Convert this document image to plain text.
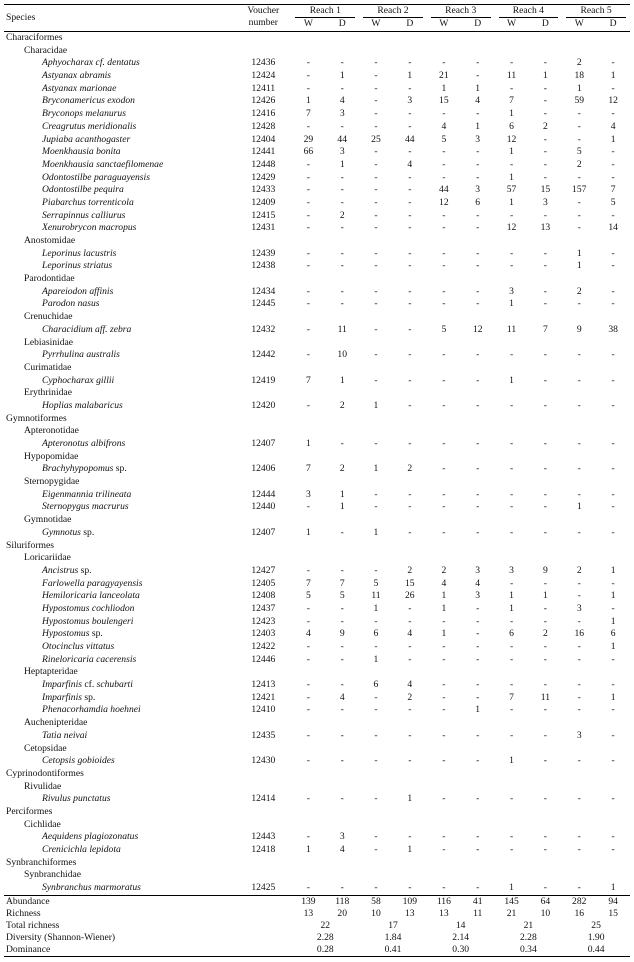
Species	Voucher
number	Reach 1		Reach 2		Reach 3		Reach 4		Reach 5	

		W	D	W	D	W	D	W	D	W	D

Characiformes											
Characidae											
Aphyocharax cf. dentatus	12436	-	-	-	-	-	-	-	-	2	-
Astyanax abramis	12424	-	1	-	1	21	-	11	1	18	1
Astyanax marionae	12411	-	-	-	-	1	1	-	-	1	-
Bryconamericus exodon	12426	1	4	-	3	15	4	7	-	59	12
Bryconops melanurus	12416	7	3	-	-	-	-	1	-	-	-
Creagrutus meridionalis	12428	-	-	-	-	4	1	6	2	-	4
Jupiaba acanthogaster	12404	29	44	25	44	5	3	12	-	-	1
Moenkhausia bonita	12441	66	3	-	-	-	-	1	-	5	-
Moenkhausia sanctaefilomenae	12448	-	1	-	4	-	-	-	-	2	-
Odontostilbe paraguayensis	12429	-	-	-	-	-	-	1	-	-	-
Odontostilbe pequira	12433	-	-	-	-	44	3	57	15	157	7
Piabarchus torrenticola	12409	-	-	-	-	12	6	1	3	-	5
Serrapinnus calliurus	12415	-	2	-	-	-	-	-	-	-	-
Xenurobrycon macropus	12431	-	-	-	-	-	-	12	13	-	14
Anostomidae											
Leporinus lacustris	12439	-	-	-	-	-	-	-	-	1	-
Leporinus striatus	12438	-	-	-	-	-	-	-	-	1	-
Parodontidae											
Apareiodon affinis	12434	-	-	-	-	-	-	3	-	2	-
Parodon nasus	12445	-	-	-	-	-	-	1	-	-	-
Crenuchidae											
Characidium aff. zebra	12432	-	11	-	-	5	12	11	7	9	38
Lebiasinidae											
Pyrrhulina australis	12442	-	10	-	-	-	-	-	-	-	-
Curimatidae											
Cyphocharax gillii	12419	7	1	-	-	-	-	1	-	-	-
Erythrinidae											
Hoplias malabaricus	12420	-	2	1	-	-	-	-	-	-	-
Gymnotiformes											
Apteronotidae											
Apteronotus albifrons	12407	1	-	-	-	-	-	-	-	-	-
Hypopomidae											
Brachyhypopomus sp.	12406	7	2	1	2	-	-	-	-	-	-
Sternopygidae											
Eigenmannia trilineata	12444	3	1	-	-	-	-	-	-	-	-
Sternopygus macrurus	12440	-	1	-	-	-	-	-	-	1	-
Gymnotidae											
Gymnotus sp.	12407	1	-	1	-	-	-	-	-	-	-
Siluriformes											
Loricariidae											
Ancistrus sp.	12427	-	-	-	2	2	3	3	9	2	1
Farlowella paragyayensis	12405	7	7	5	15	4	4	-	-	-	-
Hemiloricaria lanceolata	12408	5	5	11	26	1	3	1	1	-	1
Hypostomus cochliodon	12437	-	-	1	-	1	-	1	-	3	-
Hypostomus boulengeri	12423	-	-	-	-	-	-	-	-	-	1
Hypostomus sp.	12403	4	9	6	4	1	-	6	2	16	6
Otocinclus vittatus	12422	-	-	-	-	-	-	-	-	-	1
Rineloricaria cacerensis	12446	-	-	1	-	-	-	-	-	-	-
Heptapteridae											
Imparfinis cf. schubarti	12413	-	-	6	4	-	-	-	-	-	-
Imparfinis sp.	12421	-	4	-	2	-	-	7	11	-	1
Phenacorhamdia hoehnei	12410	-	-	-	-	-	1	-	-	-	-
Auchenipteridae											
Tatia neivai	12435	-	-	-	-	-	-	-	-	3	-
Cetopsidae											
Cetopsis gobioides	12430	-	-	-	-	-	-	1	-	-	-
Cyprinodontiformes											
Rivulidae											
Rivulus punctatus	12414	-	-	-	1	-	-	-	-	-	-
Perciformes											
Cichlidae											
Aequidens plagiozonatus	12443	-	3	-	-	-	-	-	-	-	-
Crenicichla lepidota	12418	1	4	-	1	-	-	-	-	-	-
Synbranchiformes											
Synbranchidae											
Synbranchus marmoratus	12425	-	-	-	-	-	-	1	-	-	1
Abundance		139	118	58	109	116	41	145	64	282	94
Richness		13	20	10	13	13	11	21	10	16	15
Total richness		22		17		14		21		25	
Diversity (Shannon-Wiener)		2.28		1.84		2.14		2.28		1.90	
Dominance		0.28		0.41		0.30		0.34		0.44	
